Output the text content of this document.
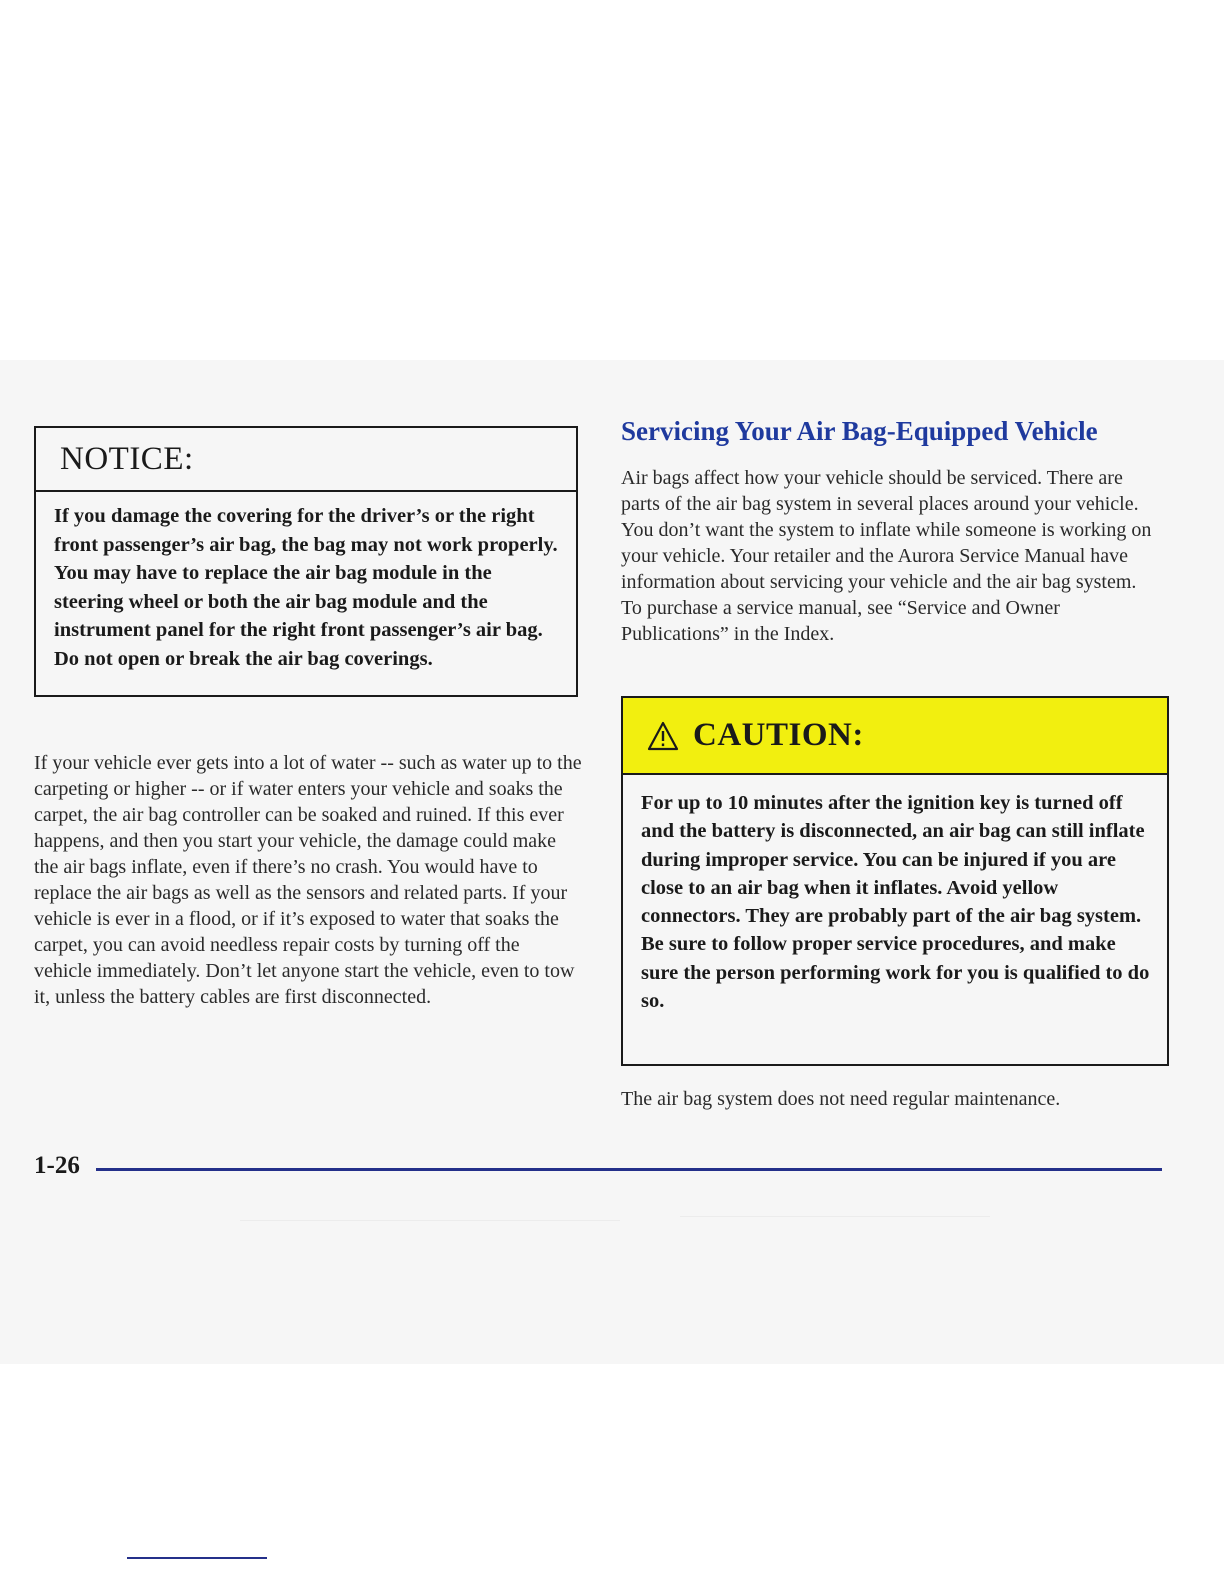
NOTICE:
If you damage the covering for the driver’s or the right front passenger’s air bag, the bag may not work properly. You may have to replace the air bag module in the steering wheel or both the air bag module and the instrument panel for the right front passenger’s air bag. Do not open or break the air bag coverings.
If your vehicle ever gets into a lot of water -- such as water up to the carpeting or higher -- or if water enters your vehicle and soaks the carpet, the air bag controller can be soaked and ruined. If this ever happens, and then you start your vehicle, the damage could make the air bags inflate, even if there’s no crash. You would have to replace the air bags as well as the sensors and related parts. If your vehicle is ever in a flood, or if it’s exposed to water that soaks the carpet, you can avoid needless repair costs by turning off the vehicle immediately. Don’t let anyone start the vehicle, even to tow it, unless the battery cables are first disconnected.
Servicing Your Air Bag-Equipped Vehicle
Air bags affect how your vehicle should be serviced. There are parts of the air bag system in several places around your vehicle. You don’t want the system to inflate while someone is working on your vehicle. Your retailer and the Aurora Service Manual have information about servicing your vehicle and the air bag system. To purchase a service manual, see “Service and Owner Publications” in the Index.
CAUTION:
For up to 10 minutes after the ignition key is turned off and the battery is disconnected, an air bag can still inflate during improper service. You can be injured if you are close to an air bag when it inflates. Avoid yellow connectors. They are probably part of the air bag system. Be sure to follow proper service procedures, and make sure the person performing work for you is qualified to do so.
The air bag system does not need regular maintenance.
1-26
